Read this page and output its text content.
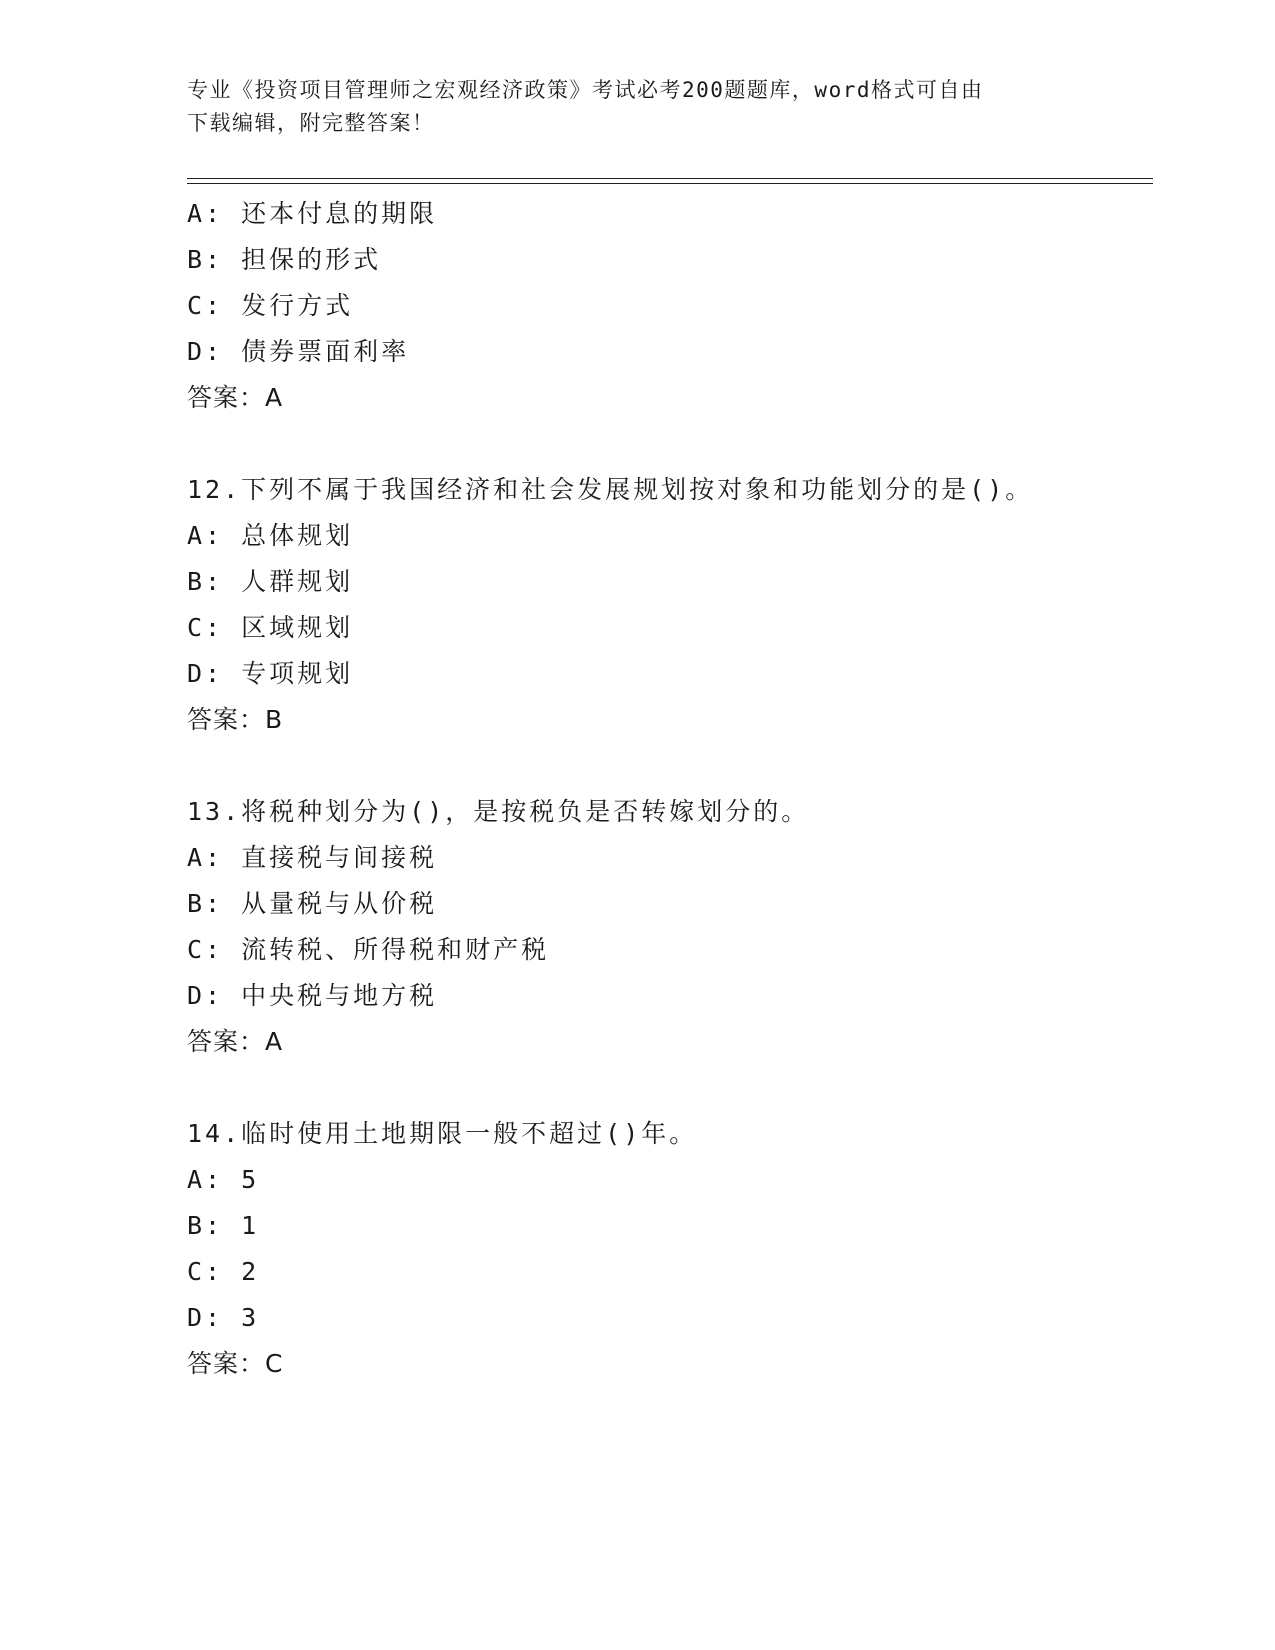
专业《投资项目管理师之宏观经济政策》考试必考200题题库，word格式可自由
下载编辑，附完整答案！
A: 还本付息的期限
B: 担保的形式
C: 发行方式
D: 债券票面利率
答案：A
12.下列不属于我国经济和社会发展规划按对象和功能划分的是()。
A: 总体规划
B: 人群规划
C: 区域规划
D: 专项规划
答案：B
13.将税种划分为()，是按税负是否转嫁划分的。
A: 直接税与间接税
B: 从量税与从价税
C: 流转税、所得税和财产税
D: 中央税与地方税
答案：A
14.临时使用土地期限一般不超过()年。
A: 5
B: 1
C: 2
D: 3
答案：C
